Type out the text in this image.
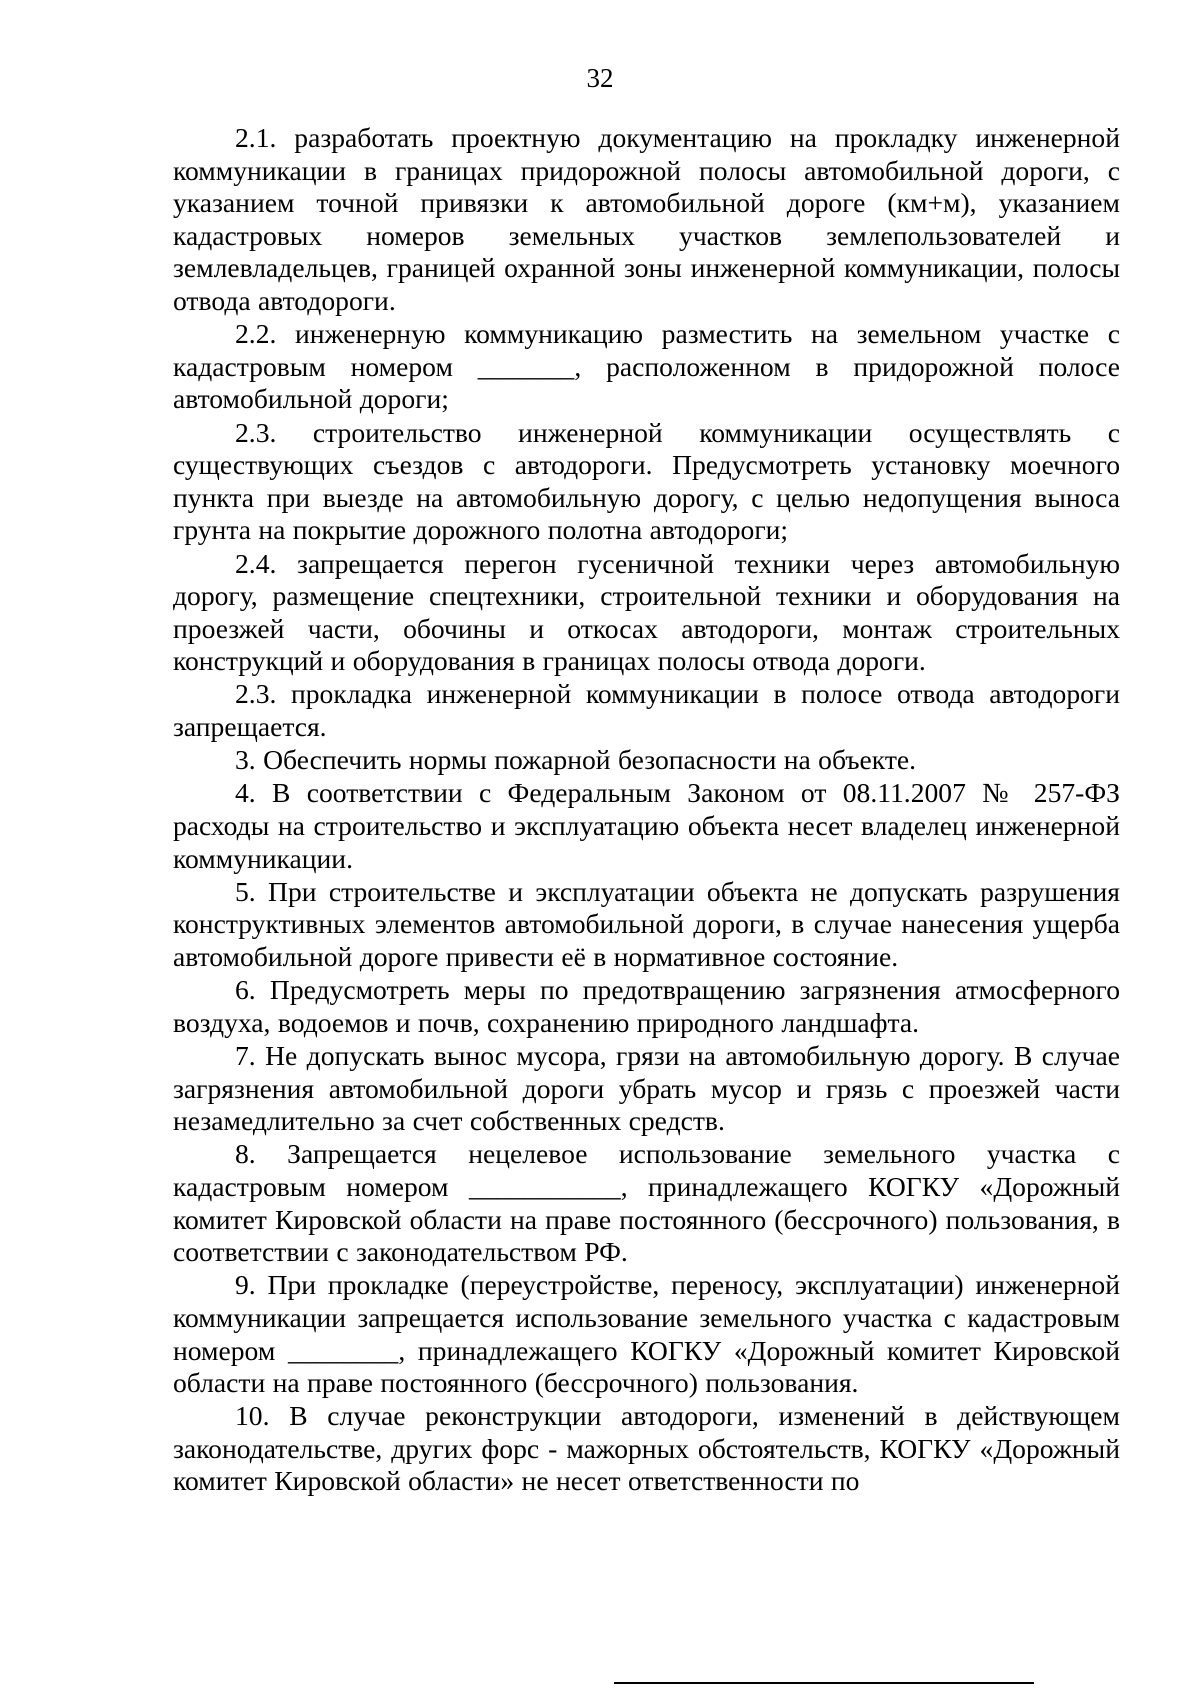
32

2.1. разработать проектную документацию на прокладку инженерной коммуникации в границах придорожной полосы автомобильной дороги, с указанием точной привязки к автомобильной дороге (км+м), указанием кадастровых номеров земельных участков землепользователей и землевладельцев, границей охранной зоны инженерной коммуникации, полосы отвода автодороги.

2.2. инженерную коммуникацию разместить на земельном участке с кадастровым номером _______, расположенном в придорожной полосе автомобильной дороги;

2.3. строительство инженерной коммуникации осуществлять с существующих съездов с автодороги. Предусмотреть установку моечного пункта при выезде на автомобильную дорогу, с целью недопущения выноса грунта на покрытие дорожного полотна автодороги;

2.4. запрещается перегон гусеничной техники через автомобильную дорогу, размещение спецтехники, строительной техники и оборудования на проезжей части, обочины и откосах автодороги, монтаж строительных конструкций и оборудования в границах полосы отвода дороги.

2.3. прокладка инженерной коммуникации в полосе отвода автодороги запрещается.

3. Обеспечить нормы пожарной безопасности на объекте.

4. В соответствии с Федеральным Законом от 08.11.2007 № 257-ФЗ расходы на строительство и эксплуатацию объекта несет владелец инженерной коммуникации.

5. При строительстве и эксплуатации объекта не допускать разрушения конструктивных элементов автомобильной дороги, в случае нанесения ущерба автомобильной дороге привести её в нормативное состояние.

6. Предусмотреть меры по предотвращению загрязнения атмосферного воздуха, водоемов и почв, сохранению природного ландшафта.

7. Не допускать вынос мусора, грязи на автомобильную дорогу. В случае загрязнения автомобильной дороги убрать мусор и грязь с проезжей части незамедлительно за счет собственных средств.

8. Запрещается нецелевое использование земельного участка с кадастровым номером ___________, принадлежащего КОГКУ «Дорожный комитет Кировской области на праве постоянного (бессрочного) пользования, в соответствии с законодательством РФ.

9. При прокладке (переустройстве, переносу, эксплуатации) инженерной коммуникации запрещается использование земельного участка с кадастровым номером ________, принадлежащего КОГКУ «Дорожный комитет Кировской области на праве постоянного (бессрочного) пользования.

10. В случае реконструкции автодороги, изменений в действующем законодательстве, других форс - мажорных обстоятельств, КОГКУ «Дорожный комитет Кировской области» не несет ответственности по
